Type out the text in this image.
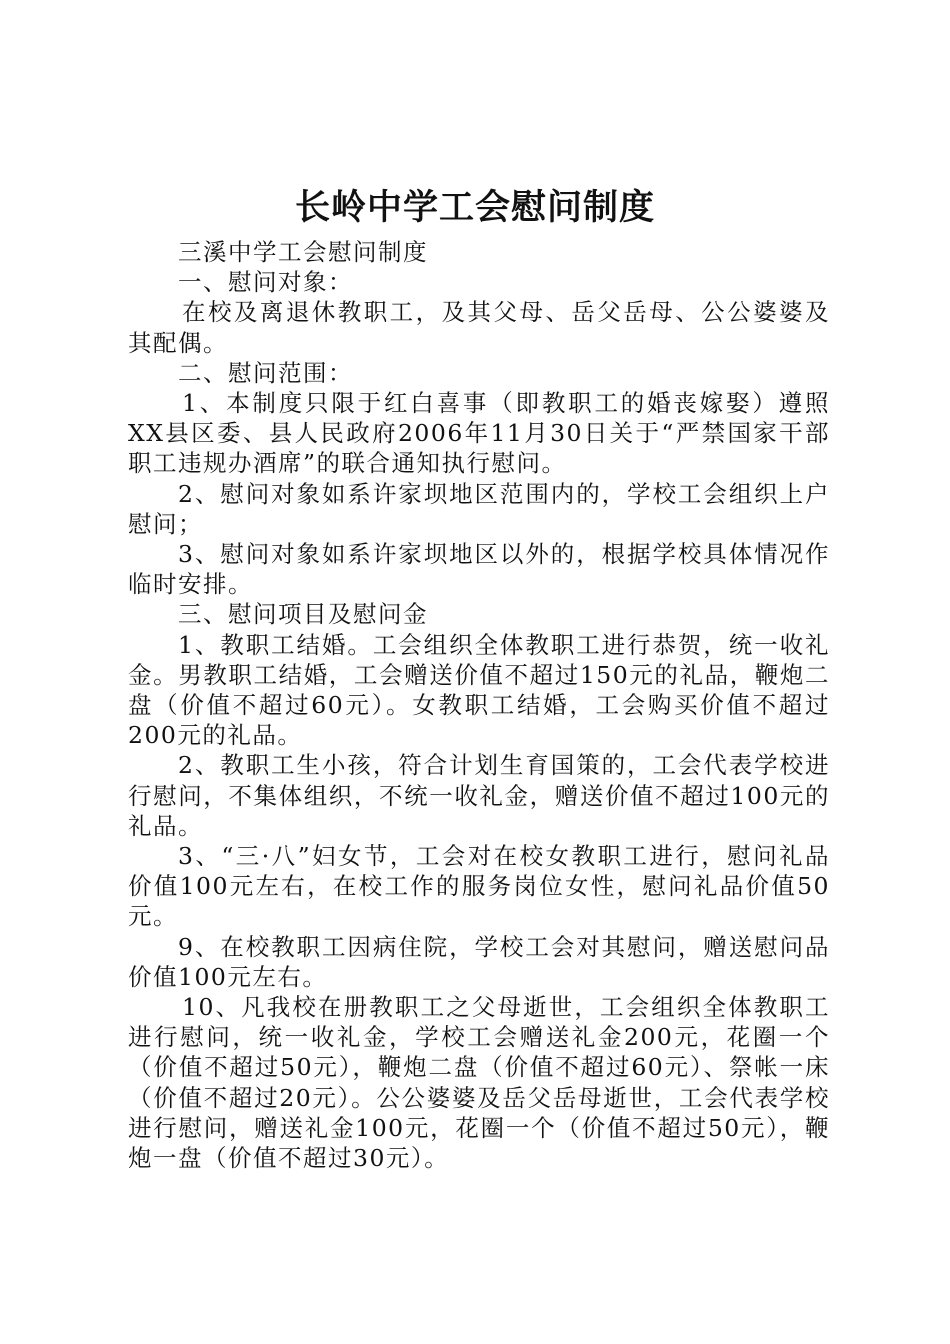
长岭中学工会慰问制度

三溪中学工会慰问制度

一、慰问对象：

在校及离退休教职工，及其父母、岳父岳母、公公婆婆及其配偶。

二、慰问范围：

1、本制度只限于红白喜事（即教职工的婚丧嫁娶）遵照XX县区委、县人民政府2006年11月30日关于“严禁国家干部职工违规办酒席”的联合通知执行慰问。

2、慰问对象如系许家坝地区范围内的，学校工会组织上户慰问；

3、慰问对象如系许家坝地区以外的，根据学校具体情况作临时安排。

三、慰问项目及慰问金

1、教职工结婚。工会组织全体教职工进行恭贺，统一收礼金。男教职工结婚，工会赠送价值不超过150元的礼品，鞭炮二盘（价值不超过60元）。女教职工结婚，工会购买价值不超过200元的礼品。

2、教职工生小孩，符合计划生育国策的，工会代表学校进行慰问，不集体组织，不统一收礼金，赠送价值不超过100元的礼品。

3、“三·八”妇女节，工会对在校女教职工进行，慰问礼品价值100元左右，在校工作的服务岗位女性，慰问礼品价值50元。

9、在校教职工因病住院，学校工会对其慰问，赠送慰问品价值100元左右。

10、凡我校在册教职工之父母逝世，工会组织全体教职工进行慰问，统一收礼金，学校工会赠送礼金200元，花圈一个（价值不超过50元），鞭炮二盘（价值不超过60元）、祭帐一床（价值不超过20元）。公公婆婆及岳父岳母逝世，工会代表学校进行慰问，赠送礼金100元，花圈一个（价值不超过50元），鞭炮一盘（价值不超过30元）。
